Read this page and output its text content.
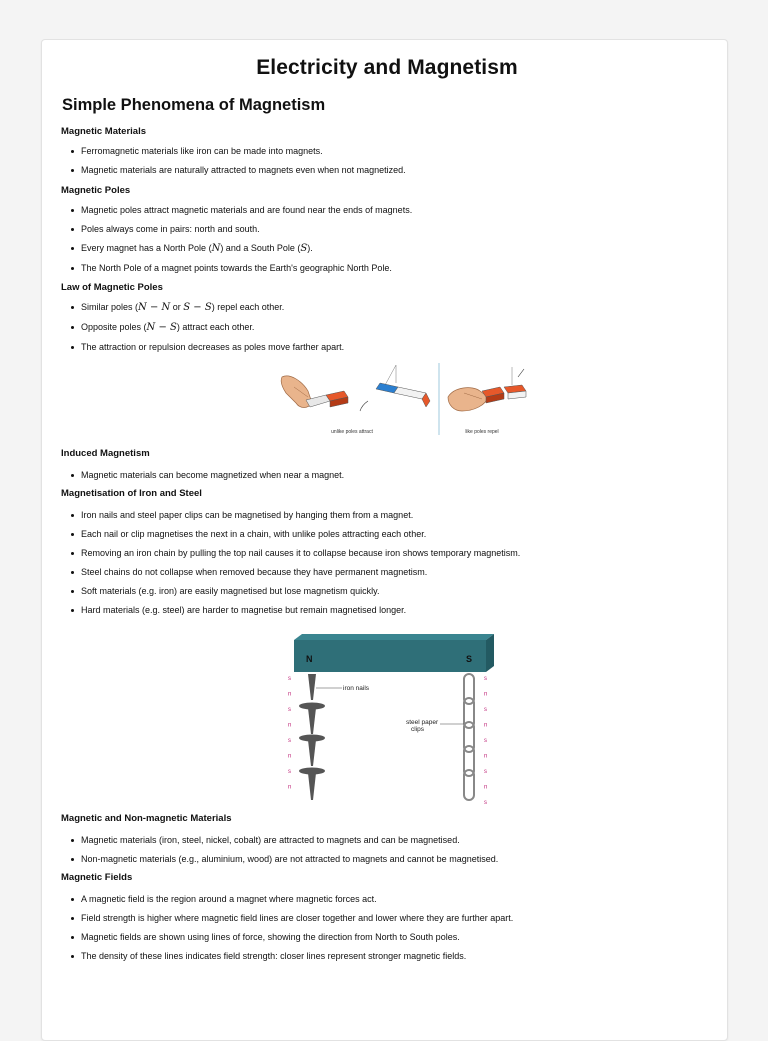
Electricity and Magnetism
Simple Phenomena of Magnetism
Magnetic Materials
Ferromagnetic materials like iron can be made into magnets.
Magnetic materials are naturally attracted to magnets even when not magnetized.
Magnetic Poles
Magnetic poles attract magnetic materials and are found near the ends of magnets.
Poles always come in pairs: north and south.
Every magnet has a North Pole (N) and a South Pole (S).
The North Pole of a magnet points towards the Earth's geographic North Pole.
Law of Magnetic Poles
Similar poles (N − N or S − S) repel each other.
Opposite poles (N − S) attract each other.
The attraction or repulsion decreases as poles move farther apart.
unlike poles attract	like poles repel
Induced Magnetism
Magnetic materials can become magnetized when near a magnet.
Magnetisation of Iron and Steel
Iron nails and steel paper clips can be magnetised by hanging them from a magnet.
Each nail or clip magnetises the next in a chain, with unlike poles attracting each other.
Removing an iron chain by pulling the top nail causes it to collapse because iron shows temporary magnetism.
Steel chains do not collapse when removed because they have permanent magnetism.
Soft materials (e.g. iron) are easily magnetised but lose magnetism quickly.
Hard materials (e.g. steel) are harder to magnetise but remain magnetised longer.
N	S
iron nails
steel paper
clips
s
n
s
n
s
n
s
n
s
n
s
n
s
n
s
n
s
Magnetic and Non-magnetic Materials
Magnetic materials (iron, steel, nickel, cobalt) are attracted to magnets and can be magnetised.
Non-magnetic materials (e.g., aluminium, wood) are not attracted to magnets and cannot be magnetised.
Magnetic Fields
A magnetic field is the region around a magnet where magnetic forces act.
Field strength is higher where magnetic field lines are closer together and lower where they are further apart.
Magnetic fields are shown using lines of force, showing the direction from North to South poles.
The density of these lines indicates field strength: closer lines represent stronger magnetic fields.
